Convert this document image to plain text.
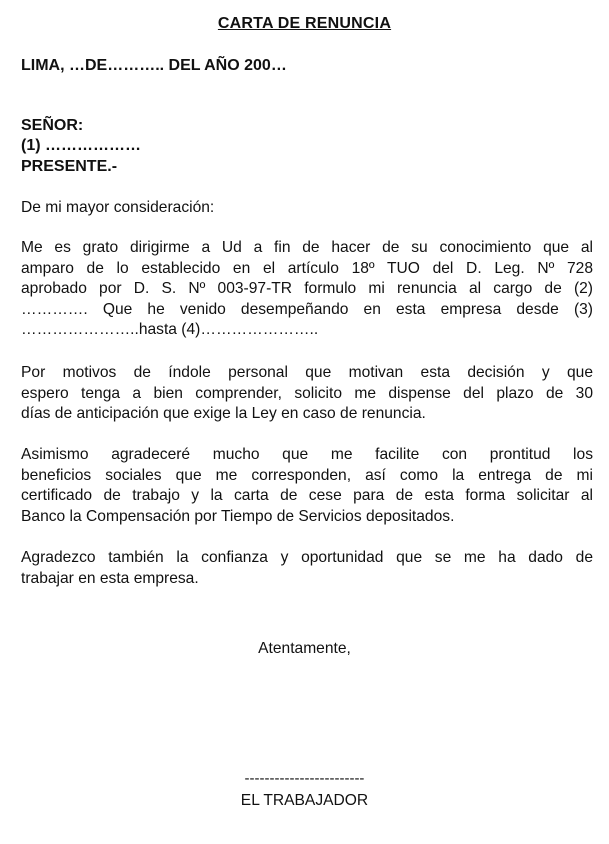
CARTA DE RENUNCIA
LIMA, …DE……….. DEL AÑO 200…
SEÑOR:
(1) ………………
PRESENTE.-
De mi mayor consideración:
Me es grato dirigirme a Ud a fin de hacer de su conocimiento que al
amparo de lo establecido en el artículo 18º TUO del D. Leg. Nº 728
aprobado por D. S. Nº 003-97-TR formulo mi renuncia al cargo de (2)
…………. Que he venido desempeñando en esta empresa desde (3)
…………………..hasta (4)…………………..
Por motivos de índole personal que motivan esta decisión y que
espero tenga a bien comprender, solicito me dispense del plazo de 30
días de anticipación que exige la Ley en caso de renuncia.
Asimismo agradeceré mucho que me facilite con prontitud los
beneficios sociales que me corresponden, así como la entrega de mi
certificado de trabajo y la carta de cese para de esta forma solicitar al
Banco la Compensación por Tiempo de Servicios depositados.
Agradezco también la confianza y oportunidad que se me ha dado de
trabajar en esta empresa.
Atentamente,
------------------------
EL TRABAJADOR
